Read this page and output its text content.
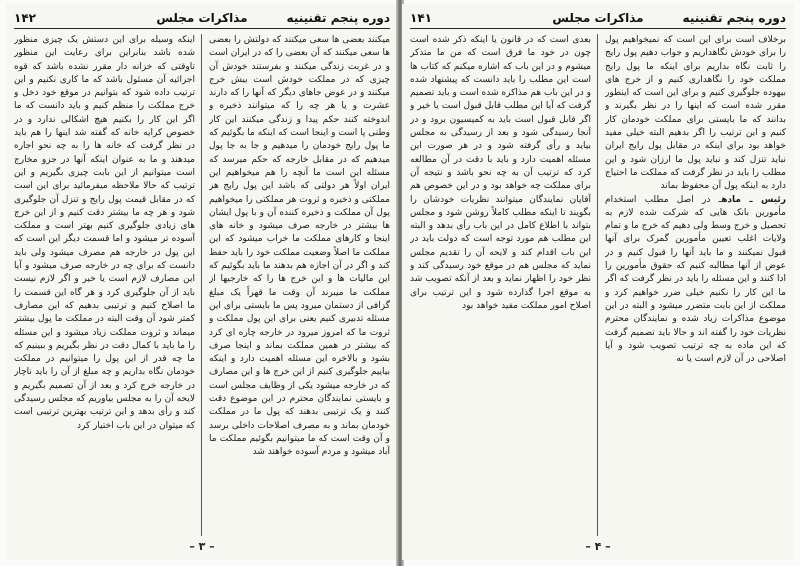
دوره پنجم تقنینیه
مذاکرات مجلس
۱۴۲

میکنند بعضی ها سعی میکنند که دولتش را بعضی ها سعی میکنند که آن بعضی را که در ایران است و در غربت زندگی میکنند و بفرستند خودش آن چیزی که در مملکت خودش است بیش خرج میکنند و در عوض جاهای دیگر که آنها را که دارند عشرت و یا هر چه را که میتوانند ذخیره و اندوخته کنند حکم پیدا و زندگی میکنند این کار وطنی پا است و اینجا است که اینکه ما بگوئیم که ما پول رایج خودمان را میدهیم و جا به جا پول میدهیم که در مقابل خارجه که حکم میرسد که مسئله این است ما آنچه را هم میخواهیم این ایران اولاً هر دولتی که باشد این پول رایج هر مملکتی و ذخیره و ثروت هر مملکتی را میخواهیم پول آن مملکت و ذخیره کننده آن و با پول ایشان ها بیشتر در خارجه صرف میشود و خانه های اینجا و کارهای مملکت ما خراب میشود که این مملکت ما اصلاً وضعیت مملکت خود را باید حفظ کند و اگر در آن اجازه هم بدهند ما باید بگوئیم که این مالیات ها و این خرج ها را که خارجیها از مملکت ما میبرند آن وقت ما قهراً یک مبلغ گزافی از دستمان میرود پس ما بایستی برای این مسئله تدبیری کنیم یعنی برای این پول مملکت و ثروت ما که امروز میرود در خارجه چاره ای کرد که بیشتر در همین مملکت بماند و اینجا صرف بشود و بالاخره این مسئله اهمیت دارد و اینکه بیاییم جلوگیری کنیم از این خرج ها و این مصارف که در خارجه میشود یکی از وظایف مجلس است و بایستی نمایندگان محترم در این موضوع دقت کنند و یک ترتیبی بدهند که پول ما در مملکت خودمان بماند و به مصرف اصلاحات داخلی برسد و آن وقت است که ما میتوانیم بگوئیم مملکت ما آباد میشود و مردم آسوده خواهند شد

اینکه وسیله برای این دستش یک چیزی منظور شده باشد بنابراین برای رعایت این منظور تاوقتی که خزانه دار مقرر نشده باشد که قوه اجرائیه آن مسئول باشد که ما کاری نکنیم و این ترتیب داده شود که بتوانیم در موقع خود دخل و خرج مملکت را منظم کنیم و باید دانست که ما اگر این کار را بکنیم هیچ اشکالی ندارد و در خصوص کرایه خانه که گفته شد اینها را هم باید در نظر گرفت که خانه ها را به چه نحو اجاره میدهند و ما به عنوان اینکه آنها در جزو مخارج است میتوانیم از این بابت چیزی بگیریم و این ترتیب که حالا ملاحظه میفرمائید برای این است که در مقابل قیمت پول رایج و تنزل آن جلوگیری شود و هر چه ما بیشتر دقت کنیم و از این خرج های زیادی جلوگیری کنیم بهتر است و مملکت آسوده تر میشود و اما قسمت دیگر این است که این پول در خارجه هم مصرف میشود ولی باید دانست که برای چه در خارجه صرف میشود و آیا این مصارف لازم است یا خیر و اگر لازم نیست باید از آن جلوگیری کرد و هر گاه این قسمت را ما اصلاح کنیم و ترتیبی بدهیم که این مصارف کمتر شود آن وقت البته در مملکت ما پول بیشتر میماند و ثروت مملکت زیاد میشود و این مسئله را ما باید با کمال دقت در نظر بگیریم و ببینیم که ما چه قدر از این پول را میتوانیم در مملکت خودمان نگاه بداریم و چه مبلغ از آن را باید ناچار در خارجه خرج کرد و بعد از آن تصمیم بگیریم و لایحه آن را به مجلس بیاوریم که مجلس رسیدگی کند و رأی بدهد و این ترتیب بهترین ترتیبی است که میتوان در این باب اختیار کرد

– ۳ –
دوره پنجم تقنینیه
مذاکرات مجلس
۱۴۱

برخلاف است برای این است که نمیخواهیم پول را برای خودش نگاهداریم و جواب دهیم پول رایج را ثابت نگاه بداریم برای اینکه ما پول رایج مملکت خود را نگاهداری کنیم و از خرج های بیهوده جلوگیری کنیم و برای این است که اینطور مقرر شده است که اینها را در نظر بگیرند و بدانند که ما بایستی برای مملکت خودمان کار کنیم و این ترتیب را اگر بدهیم البته خیلی مفید خواهد بود برای اینکه در مقابل پول رایج ایران نباید تنزل کند و نباید پول ما ارزان شود و این مطلب را باید در نظر گرفت که مملکت ما احتیاج دارد به اینکه پول آن محفوظ بماند

رئیس ـ مادهـ در اصل مطلب استخدام مأمورین بانک هایی که شرکت شده لازم به تحصیل و خرج وسط ولی دهیم که خرج ما و تمام ولایات اغلب تعیین مأمورین گمرک برای آنها قبول نمیکنند و ما باید آنها را قبول کنیم و در عوض از آنها مطالبه کنیم که حقوق مأمورین را ادا کنند و این مسئله را باید در نظر گرفت که اگر ما این کار را نکنیم خیلی ضرر خواهیم کرد و مملکت از این بابت متضرر میشود و البته در این موضوع مذاکرات زیاد شده و نمایندگان محترم نظریات خود را گفته اند و حالا باید تصمیم گرفت که این ماده به چه ترتیب تصویب شود و آیا اصلاحی در آن لازم است یا نه

بعدی است که در قانون یا اینکه ذکر شده است چون در خود ما فرق است که من ما متذکر میشوم و در این باب که اشاره میکنم که کتاب ها است این مطلب را باید دانست که پیشنهاد شده و در این باب هم مذاکره شده است و باید تصمیم گرفت که آیا این مطلب قابل قبول است یا خیر و اگر قابل قبول است باید به کمیسیون برود و در آنجا رسیدگی شود و بعد از رسیدگی به مجلس بیاید و رأی گرفته شود و در هر صورت این مسئله اهمیت دارد و باید با دقت در آن مطالعه کرد که ترتیب آن به چه نحو باشد و نتیجه آن برای مملکت چه خواهد بود و در این خصوص هم آقایان نمایندگان میتوانند نظریات خودشان را بگویند تا اینکه مطلب کاملاً روشن شود و مجلس بتواند با اطلاع کامل در این باب رأی بدهد و البته این مطلب هم مورد توجه است که دولت باید در این باب اقدام کند و لایحه آن را تقدیم مجلس نماید که مجلس هم در موقع خود رسیدگی کند و نظر خود را اظهار نماید و بعد از آنکه تصویب شد به موقع اجرا گذارده شود و این ترتیب برای اصلاح امور مملکت مفید خواهد بود

– ۴ –
